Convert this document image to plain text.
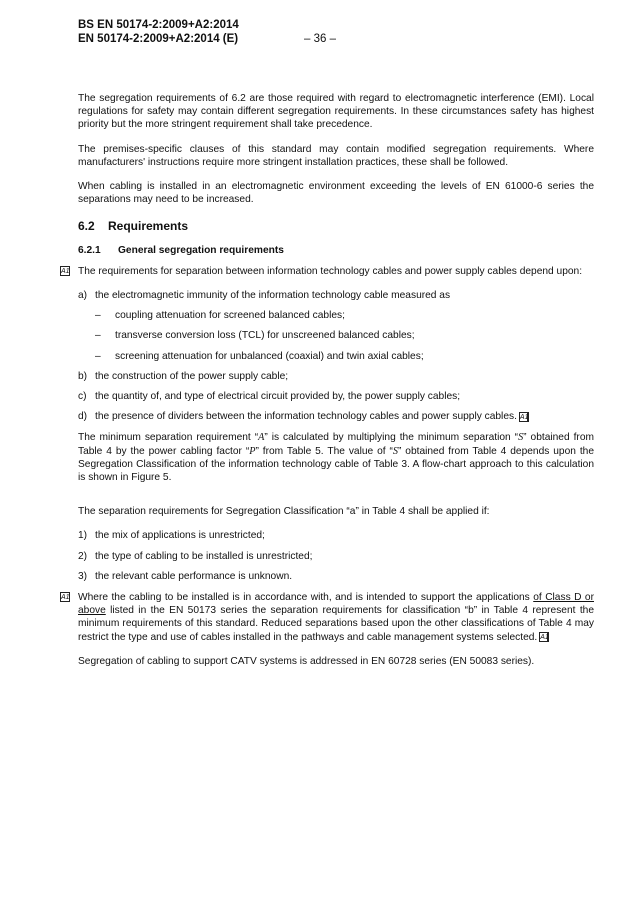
BS EN 50174-2:2009+A2:2014
EN 50174-2:2009+A2:2014 (E)	– 36 –

The segregation requirements of 6.2 are those required with regard to electromagnetic interference (EMI). Local regulations for safety may contain different segregation requirements. In these circumstances safety has highest priority but the more stringent requirement shall take precedence.

The premises-specific clauses of this standard may contain modified segregation requirements. Where manufacturers' instructions require more stringent installation practices, these shall be followed.

When cabling is installed in an electromagnetic environment exceeding the levels of EN 61000-6 series the separations may need to be increased.

6.2 Requirements
6.2.1 General segregation requirements
A1 The requirements for separation between information technology cables and power supply cables depend upon:

a) the electromagnetic immunity of the information technology cable measured as
– coupling attenuation for screened balanced cables;
– transverse conversion loss (TCL) for unscreened balanced cables;
– screening attenuation for unbalanced (coaxial) and twin axial cables;
b) the construction of the power supply cable;
c) the quantity of, and type of electrical circuit provided by, the power supply cables;
d) the presence of dividers between the information technology cables and power supply cables. A1

The minimum separation requirement “A” is calculated by multiplying the minimum separation “S” obtained from Table 4 by the power cabling factor “P” from Table 5. The value of “S” obtained from Table 4 depends upon the Segregation Classification of the information technology cable of Table 3. A flow-chart approach to this calculation is shown in Figure 5.

The separation requirements for Segregation Classification “a” in Table 4 shall be applied if:

1) the mix of applications is unrestricted;
2) the type of cabling to be installed is unrestricted;
3) the relevant cable performance is unknown.
A1 Where the cabling to be installed is in accordance with, and is intended to support the applications of Class D or above listed in the EN 50173 series the separation requirements for classification “b” in Table 4 represent the minimum requirements of this standard. Reduced separations based upon the other classifications of Table 4 may restrict the type and use of cables installed in the pathways and cable management systems selected. A1

Segregation of cabling to support CATV systems is addressed in EN 60728 series (EN 50083 series).
